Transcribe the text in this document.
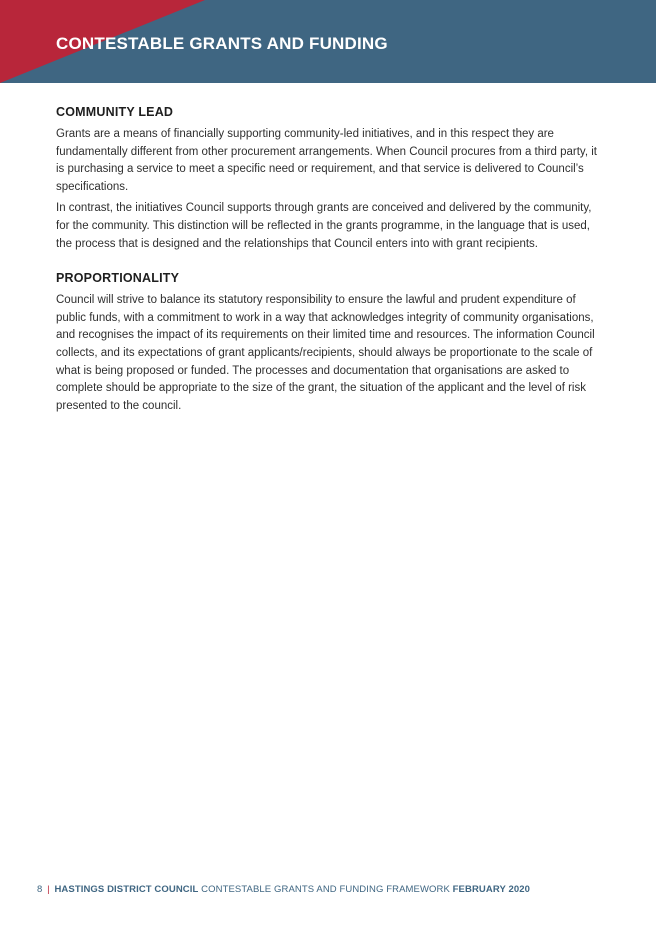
CONTESTABLE GRANTS AND FUNDING
COMMUNITY LEAD

Grants are a means of financially supporting community-led initiatives, and in this respect they are fundamentally different from other procurement arrangements. When Council procures from a third party, it is purchasing a service to meet a specific need or requirement, and that service is delivered to Council’s specifications.

In contrast, the initiatives Council supports through grants are conceived and delivered by the community, for the community. This distinction will be reflected in the grants programme, in the language that is used, the process that is designed and the relationships that Council enters into with grant recipients.

PROPORTIONALITY

Council will strive to balance its statutory responsibility to ensure the lawful and prudent expenditure of public funds, with a commitment to work in a way that acknowledges integrity of community organisations, and recognises the impact of its requirements on their limited time and resources. The information Council collects, and its expectations of grant applicants/recipients, should always be proportionate to the scale of what is being proposed or funded. The processes and documentation that organisations are asked to complete should be appropriate to the size of the grant, the situation of the applicant and the level of risk presented to the council.

8 | HASTINGS DISTRICT COUNCIL CONTESTABLE GRANTS AND FUNDING FRAMEWORK FEBRUARY 2020
